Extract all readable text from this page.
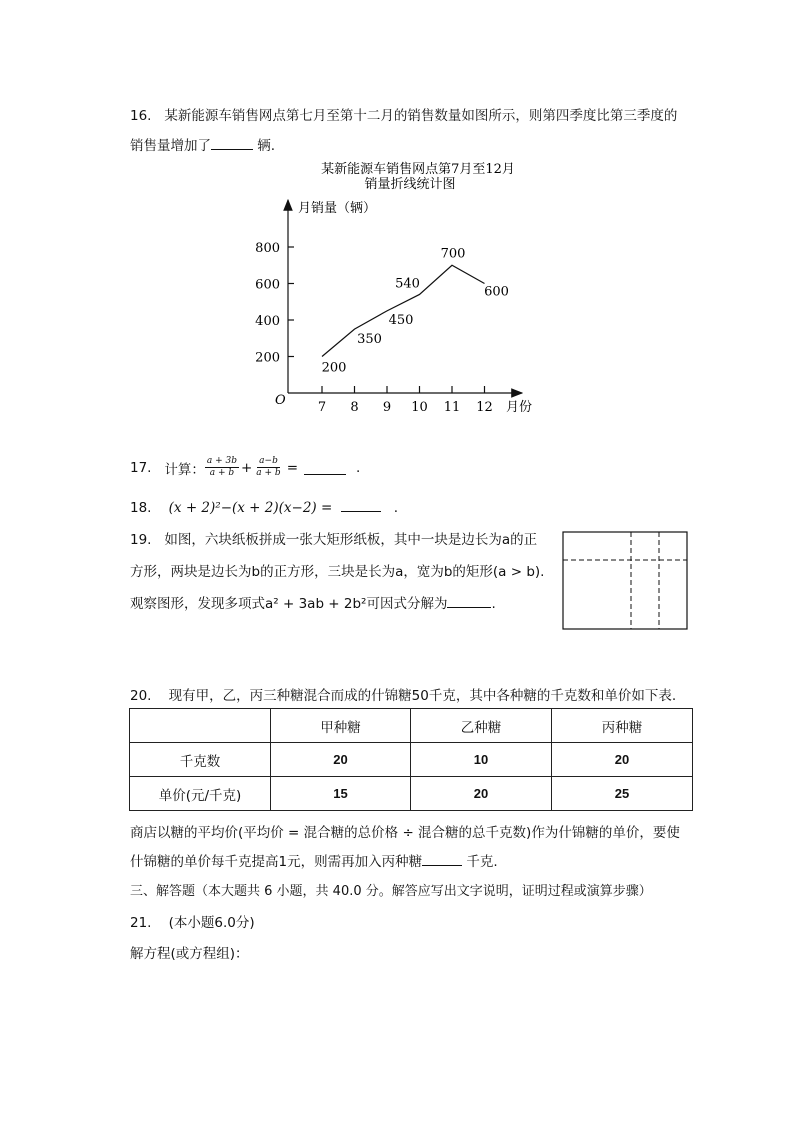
16. 某新能源车销售网点第七月至第十二月的销售数量如图所示，则第四季度比第三季度的
销售量增加了	辆.
某新能源车销售网点第7月至12月
销量折线统计图
月销量（辆）
月份
O
200
400
600
800
7 8 9 10 11 12
200
350
450
540
700
600
17.
计算： $\frac{a + 3b}{a + b} + \frac{a-b}{a + b}$ =	.
18. (x + 2)²−(x + 2)(x−2) =	.
19. 如图，六块纸板拼成一张大矩形纸板，其中一块是边长为a的正
方形，两块是边长为b的正方形，三块是长为a，宽为b的矩形(a > b).
观察图形，发现多项式a² + 3ab + 2b²可因式分解为	.
20. 现有甲，乙，丙三种糖混合而成的什锦糖50千克，其中各种糖的千克数和单价如下表.
	甲种糖	乙种糖	丙种糖
千克数	20	10	20
单价(元/千克)	15	20	25
商店以糖的平均价(平均价 = 混合糖的总价格 ÷ 混合糖的总千克数)作为什锦糖的单价，要使
什锦糖的单价每千克提高1元，则需再加入丙种糖	千克.
三、解答题（本大题共 6 小题，共 40.0 分。解答应写出文字说明，证明过程或演算步骤）
21. (本小题6.0分)
解方程(或方程组)：
